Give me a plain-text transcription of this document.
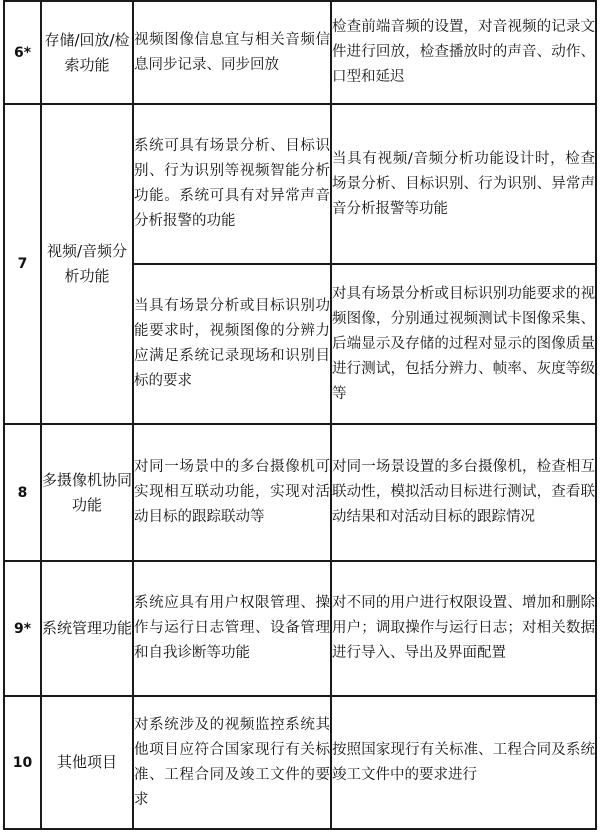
6*	存储/回放/检索功能	视频图像信息宜与相关音频信息同步记录、同步回放	检查前端音频的设置，对音视频的记录文件进行回放，检查播放时的声音、动作、口型和延迟
7	视频/音频分析功能	系统可具有场景分析、目标识别、行为识别等视频智能分析功能。系统可具有对异常声音分析报警的功能	当具有视频/音频分析功能设计时，检查场景分析、目标识别、行为识别、异常声音分析报警等功能
		当具有场景分析或目标识别功能要求时，视频图像的分辨力应满足系统记录现场和识别目标的要求	对具有场景分析或目标识别功能要求的视频图像，分别通过视频测试卡图像采集、后端显示及存储的过程对显示的图像质量进行测试，包括分辨力、帧率、灰度等级等
8	多摄像机协同功能	对同一场景中的多台摄像机可实现相互联动功能，实现对活动目标的跟踪联动等	对同一场景设置的多台摄像机，检查相互联动性，模拟活动目标进行测试，查看联动结果和对活动目标的跟踪情况
9*	系统管理功能	系统应具有用户权限管理、操作与运行日志管理、设备管理和自我诊断等功能	对不同的用户进行权限设置、增加和删除用户；调取操作与运行日志；对相关数据进行导入、导出及界面配置
10	其他项目	对系统涉及的视频监控系统其他项目应符合国家现行有关标准、工程合同及竣工文件的要求	按照国家现行有关标准、工程合同及系统竣工文件中的要求进行
